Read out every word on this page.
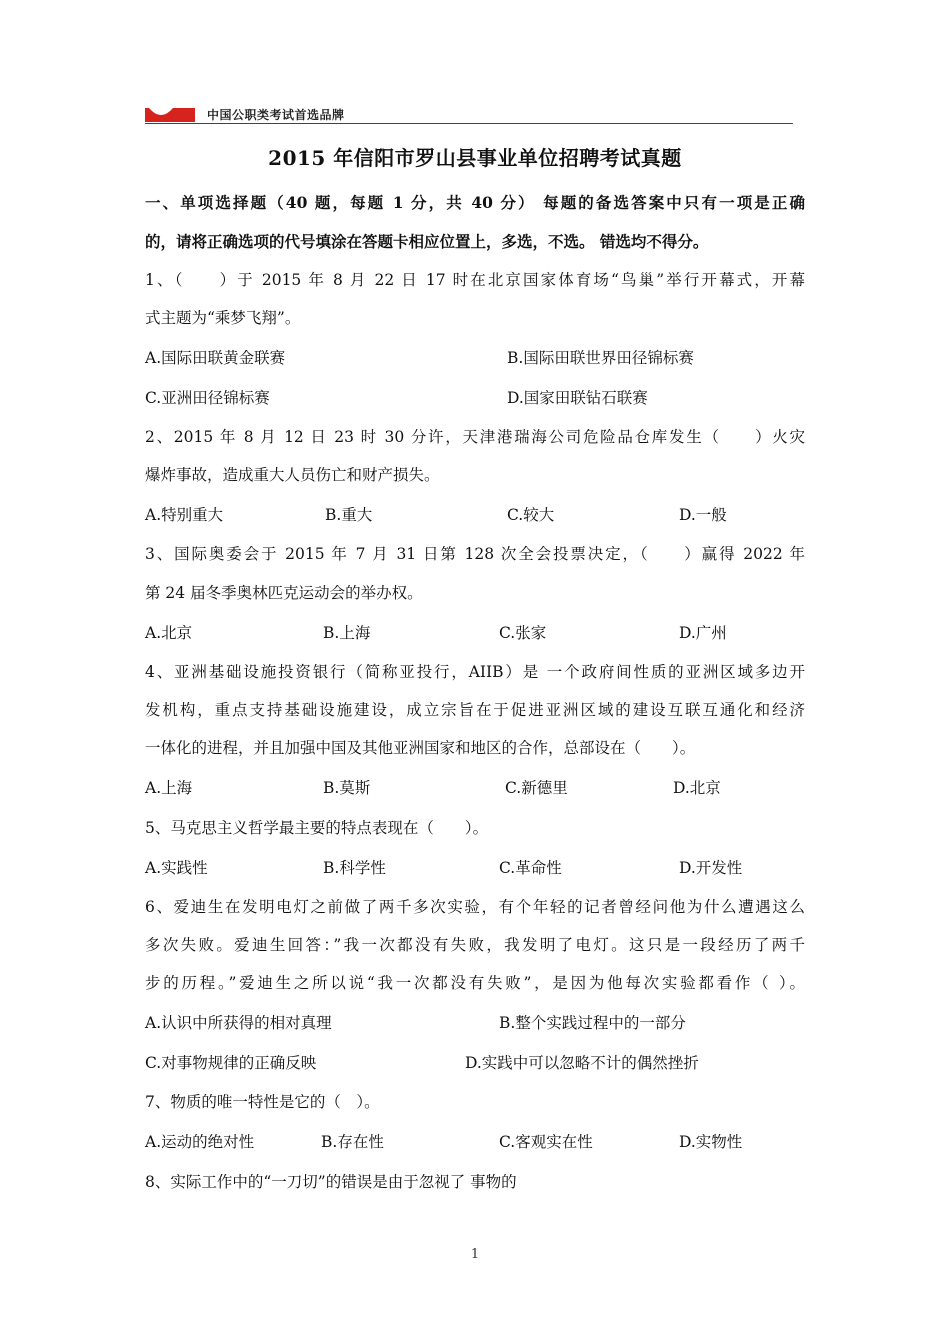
中国公职类考试首选品牌
2015 年信阳市罗山县事业单位招聘考试真题
一、单项选择题（40 题，每题 1 分，共 40 分） 每题的备选答案中只有一项是正确
的，请将正确选项的代号填涂在答题卡相应位置上，多选，不选。 错选均不得分。
1、（　　）于 2015 年 8 月 22 日 17 时在北京国家体育场“鸟巢”举行开幕式，开幕
式主题为“乘梦飞翔”。
A.国际田联黄金联赛	B.国际田联世界田径锦标赛
C.亚洲田径锦标赛	D.国家田联钻石联赛
2、2015 年 8 月 12 日 23 时 30 分许，天津港瑞海公司危险品仓库发生（　　）火灾
爆炸事故，造成重大人员伤亡和财产损失。
A.特别重大	B.重大	C.较大	D.一般
3、国际奥委会于 2015 年 7 月 31 日第 128 次全会投票决定，（　　）赢得 2022 年
第 24 届冬季奥林匹克运动会的举办权。
A.北京	B.上海	C.张家	D.广州
4、亚洲基础设施投资银行（简称亚投行，AIIB）是 一个政府间性质的亚洲区域多边开
发机构，重点支持基础设施建设，成立宗旨在于促进亚洲区域的建设互联互通化和经济
一体化的进程，并且加强中国及其他亚洲国家和地区的合作，总部设在（　　）。
A.上海	B.莫斯	C.新德里	D.北京
5、马克思主义哲学最主要的特点表现在（　　）。
A.实践性	B.科学性	C.革命性	D.开发性
6、爱迪生在发明电灯之前做了两千多次实验，有个年轻的记者曾经问他为什么遭遇这么
多次失败。爱迪生回答：”我一次都没有失败，我发明了电灯。这只是一段经历了两千
步的历程。”爱迪生之所以说“我一次都没有失败”，是因为他每次实验都看作（ ）。
A.认识中所获得的相对真理	B.整个实践过程中的一部分
C.对事物规律的正确反映	D.实践中可以忽略不计的偶然挫折
7、物质的唯一特性是它的（　）。
A.运动的绝对性	B.存在性	C.客观实在性	D.实物性
8、实际工作中的“一刀切”的错误是由于忽视了 事物的
1
